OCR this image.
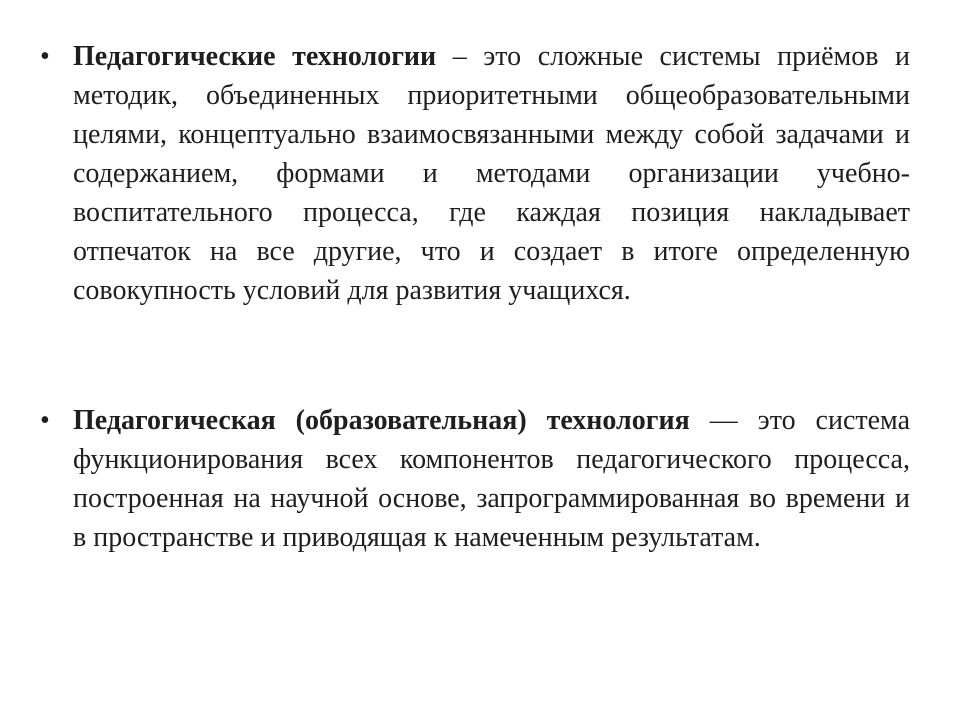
• Педагогические технологии – это сложные системы приёмов и методик, объединенных приоритетными общеобразовательными целями, концептуально взаимосвязанными между собой задачами и содержанием, формами и методами организации учебно-воспитательного процесса, где каждая позиция накладывает отпечаток на все другие, что и создает в итоге определенную совокупность условий для развития учащихся.

• Педагогическая (образовательная) технология — это система функционирования всех компонентов педагогического процесса, построенная на научной основе, запрограммированная во времени и в пространстве и приводящая к намеченным результатам.
